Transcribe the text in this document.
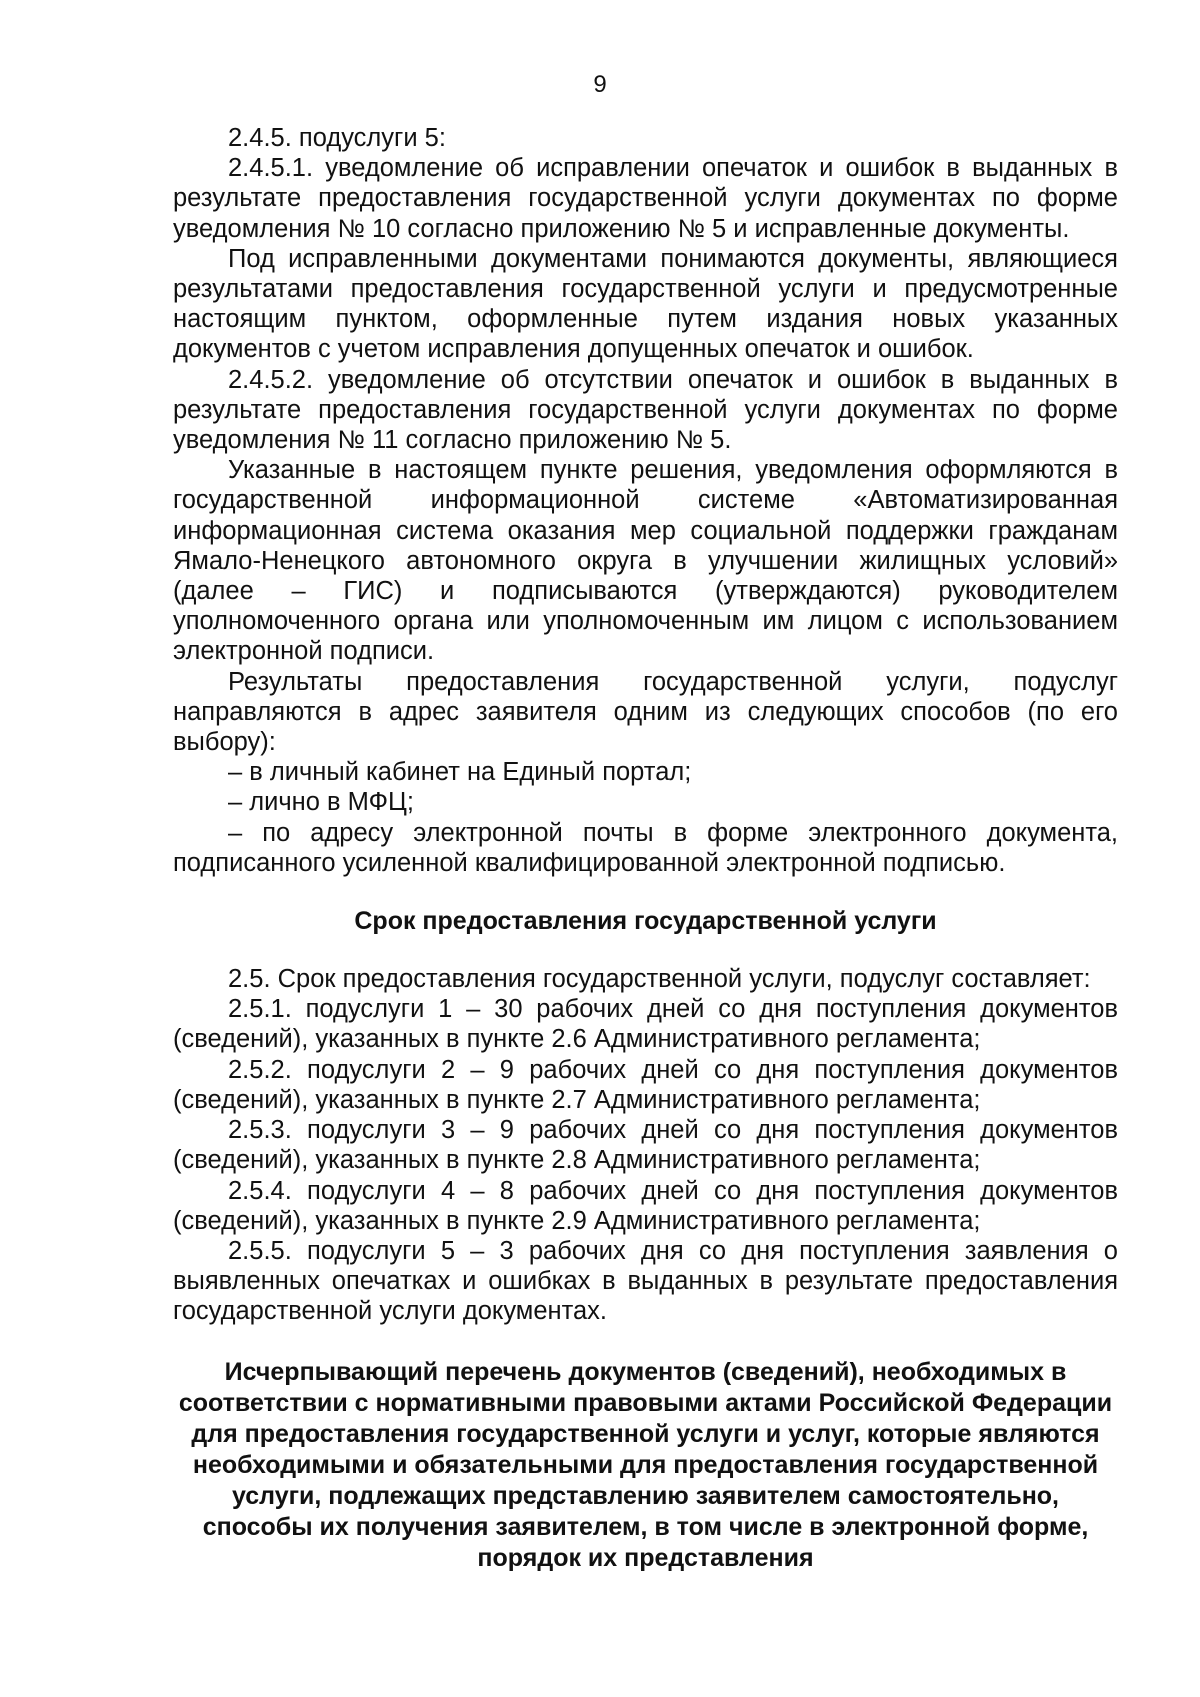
9

2.4.5. подуслуги 5:

2.4.5.1. уведомление об исправлении опечаток и ошибок в выданных в результате предоставления государственной услуги документах по форме уведомления № 10 согласно приложению № 5 и исправленные документы.

Под исправленными документами понимаются документы, являющиеся результатами предоставления государственной услуги и предусмотренные настоящим пунктом, оформленные путем издания новых указанных документов с учетом исправления допущенных опечаток и ошибок.

2.4.5.2. уведомление об отсутствии опечаток и ошибок в выданных в результате предоставления государственной услуги документах по форме уведомления № 11 согласно приложению № 5.

Указанные в настоящем пункте решения, уведомления оформляются в государственной информационной системе «Автоматизированная информационная система оказания мер социальной поддержки гражданам Ямало-Ненецкого автономного округа в улучшении жилищных условий» (далее – ГИС) и подписываются (утверждаются) руководителем уполномоченного органа или уполномоченным им лицом с использованием электронной подписи.

Результаты предоставления государственной услуги, подуслуг направляются в адрес заявителя одним из следующих способов (по его выбору):

– в личный кабинет на Единый портал;

– лично в МФЦ;

– по адресу электронной почты в форме электронного документа, подписанного усиленной квалифицированной электронной подписью.

Срок предоставления государственной услуги

2.5. Срок предоставления государственной услуги, подуслуг составляет:

2.5.1. подуслуги 1 – 30 рабочих дней со дня поступления документов (сведений), указанных в пункте 2.6 Административного регламента;

2.5.2. подуслуги 2 – 9 рабочих дней со дня поступления документов (сведений), указанных в пункте 2.7 Административного регламента;

2.5.3. подуслуги 3 – 9 рабочих дней со дня поступления документов (сведений), указанных в пункте 2.8 Административного регламента;

2.5.4. подуслуги 4 – 8 рабочих дней со дня поступления документов (сведений), указанных в пункте 2.9 Административного регламента;

2.5.5. подуслуги 5 – 3 рабочих дня со дня поступления заявления о выявленных опечатках и ошибках в выданных в результате предоставления государственной услуги документах.

Исчерпывающий перечень документов (сведений), необходимых в соответствии с нормативными правовыми актами Российской Федерации для предоставления государственной услуги и услуг, которые являются необходимыми и обязательными для предоставления государственной услуги, подлежащих представлению заявителем самостоятельно, способы их получения заявителем, в том числе в электронной форме, порядок их представления
